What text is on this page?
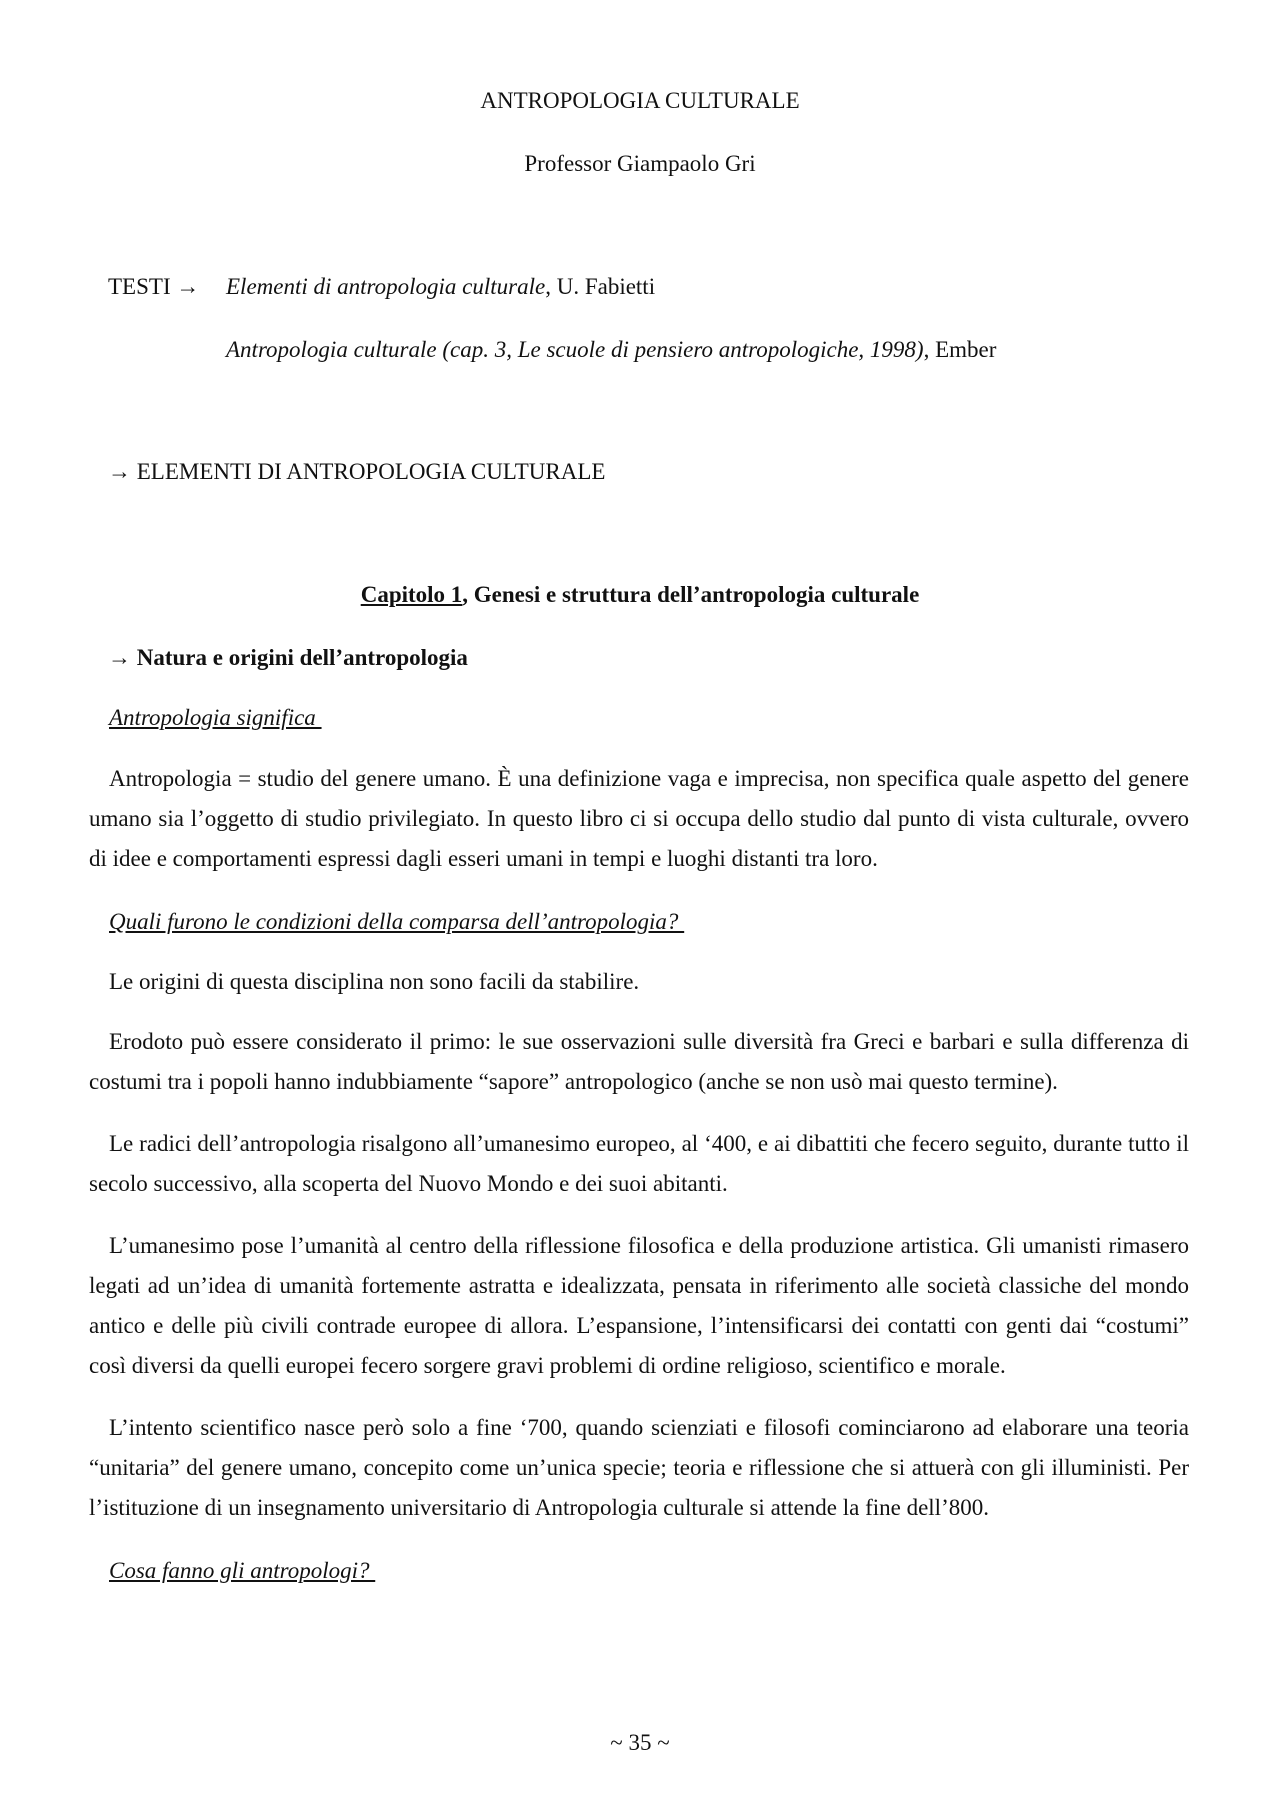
ANTROPOLOGIA CULTURALE
Professor Giampaolo Gri
TESTI → Elementi di antropologia culturale, U. Fabietti
Antropologia culturale (cap. 3, Le scuole di pensiero antropologiche, 1998), Ember
→ ELEMENTI DI ANTROPOLOGIA CULTURALE
Capitolo 1, Genesi e struttura dell’antropologia culturale
→ Natura e origini dell’antropologia
Antropologia significa
Antropologia = studio del genere umano. È una definizione vaga e imprecisa, non specifica quale aspetto del genere umano sia l’oggetto di studio privilegiato. In questo libro ci si occupa dello studio dal punto di vista culturale, ovvero di idee e comportamenti espressi dagli esseri umani in tempi e luoghi distanti tra loro.
Quali furono le condizioni della comparsa dell’antropologia?
Le origini di questa disciplina non sono facili da stabilire.
Erodoto può essere considerato il primo: le sue osservazioni sulle diversità fra Greci e barbari e sulla differenza di costumi tra i popoli hanno indubbiamente “sapore” antropologico (anche se non usò mai questo termine).
Le radici dell’antropologia risalgono all’umanesimo europeo, al ‘400, e ai dibattiti che fecero seguito, durante tutto il secolo successivo, alla scoperta del Nuovo Mondo e dei suoi abitanti.
L’umanesimo pose l’umanità al centro della riflessione filosofica e della produzione artistica. Gli umanisti rimasero legati ad un’idea di umanità fortemente astratta e idealizzata, pensata in riferimento alle società classiche del mondo antico e delle più civili contrade europee di allora. L’espansione, l’intensificarsi dei contatti con genti dai “costumi” così diversi da quelli europei fecero sorgere gravi problemi di ordine religioso, scientifico e morale.
L’intento scientifico nasce però solo a fine ‘700, quando scienziati e filosofi cominciarono ad elaborare una teoria “unitaria” del genere umano, concepito come un’unica specie; teoria e riflessione che si attuerà con gli illuministi. Per l’istituzione di un insegnamento universitario di Antropologia culturale si attende la fine dell’800.
Cosa fanno gli antropologi?
~ 35 ~
